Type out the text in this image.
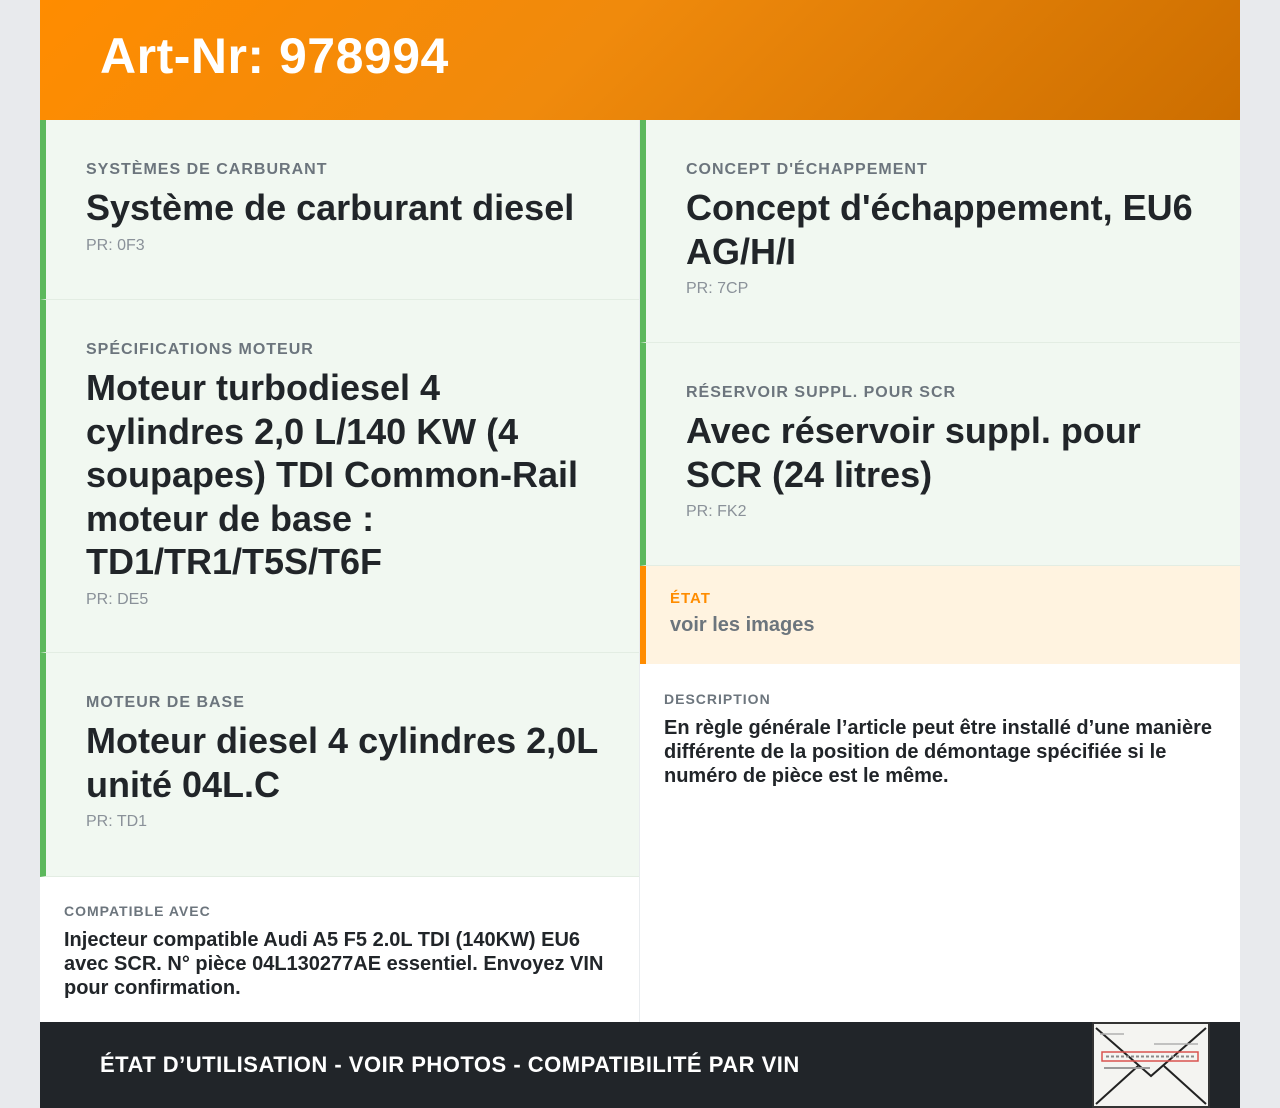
Art-Nr: 978994
SYSTÈMES DE CARBURANT
Système de carburant diesel
PR: 0F3
SPÉCIFICATIONS MOTEUR
Moteur turbodiesel 4 cylindres 2,0 L/140 KW (4 soupapes) TDI Common-Rail moteur de base : TD1/TR1/T5S/T6F
PR: DE5
MOTEUR DE BASE
Moteur diesel 4 cylindres 2,0L unité 04L.C
PR: TD1
COMPATIBLE AVEC
Injecteur compatible Audi A5 F5 2.0L TDI (140KW) EU6 avec SCR. N° pièce 04L130277AE essentiel. Envoyez VIN pour confirmation.
CONCEPT D'ÉCHAPPEMENT
Concept d'échappement, EU6 AG/H/I
PR: 7CP
RÉSERVOIR SUPPL. POUR SCR
Avec réservoir suppl. pour SCR (24 litres)
PR: FK2
ÉTAT
voir les images
DESCRIPTION
En règle générale l’article peut être installé d’une manière différente de la position de démontage spécifiée si le numéro de pièce est le même.
ÉTAT D’UTILISATION - VOIR PHOTOS - COMPATIBILITÉ PAR VIN
